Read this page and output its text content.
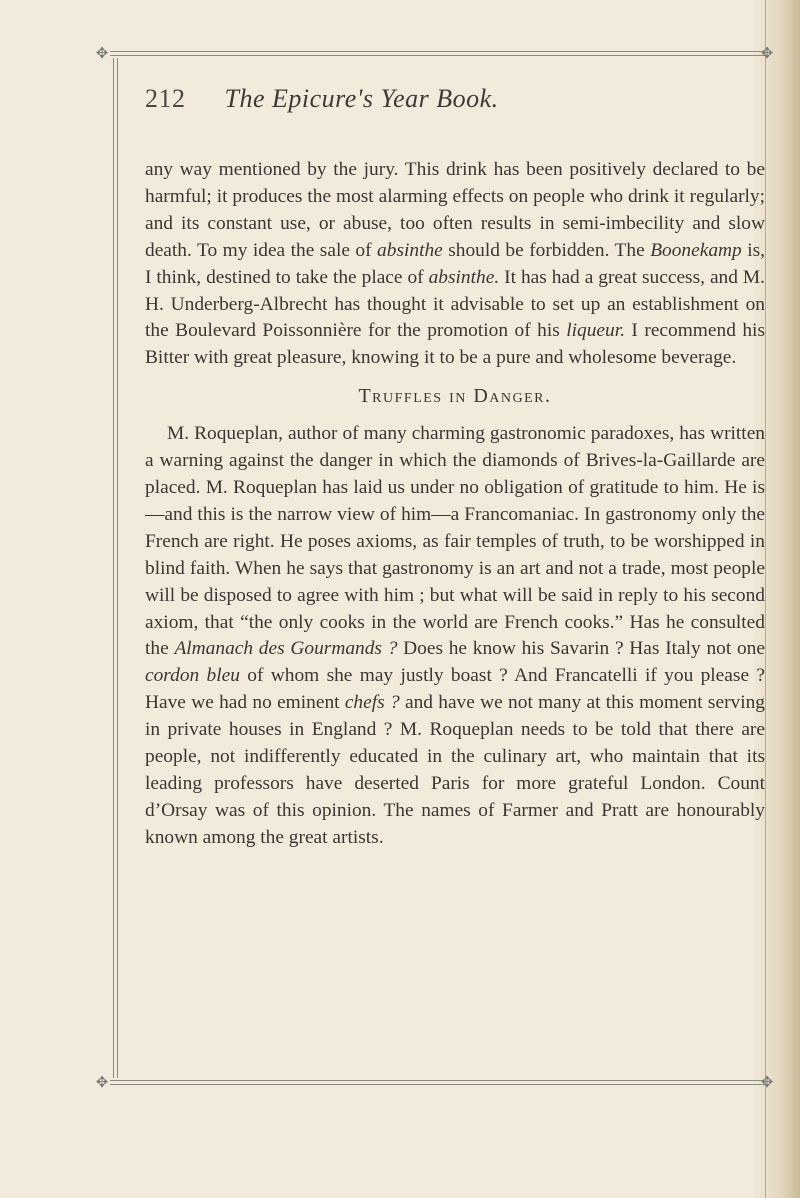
✥	✥
✥	✥
212 The Epicure's Year Book.

any way mentioned by the jury. This drink has been positively declared to be harmful; it produces the most alarming effects on people who drink it regularly; and its constant use, or abuse, too often results in semi-imbecility and slow death. To my idea the sale of absinthe should be forbidden. The Boonekamp is, I think, destined to take the place of absinthe. It has had a great success, and M. H. Underberg-Albrecht has thought it advisable to set up an establishment on the Boulevard Poissonnière for the promotion of his liqueur. I recommend his Bitter with great pleasure, knowing it to be a pure and wholesome beverage.

Truffles in Danger.

M. Roqueplan, author of many charming gastronomic paradoxes, has written a warning against the danger in which the diamonds of Brives-la-Gaillarde are placed. M. Roqueplan has laid us under no obligation of gratitude to him. He is—and this is the narrow view of him—a Francomaniac. In gastronomy only the French are right. He poses axioms, as fair temples of truth, to be worshipped in blind faith. When he says that gastronomy is an art and not a trade, most people will be disposed to agree with him ; but what will be said in reply to his second axiom, that “the only cooks in the world are French cooks.” Has he consulted the Almanach des Gourmands ? Does he know his Savarin ? Has Italy not one cordon bleu of whom she may justly boast ? And Francatelli if you please ? Have we had no eminent chefs ? and have we not many at this moment serving in private houses in England ? M. Roqueplan needs to be told that there are people, not indifferently educated in the culinary art, who maintain that its leading professors have deserted Paris for more grateful London. Count d’Orsay was of this opinion. The names of Farmer and Pratt are honourably known among the great artists.
